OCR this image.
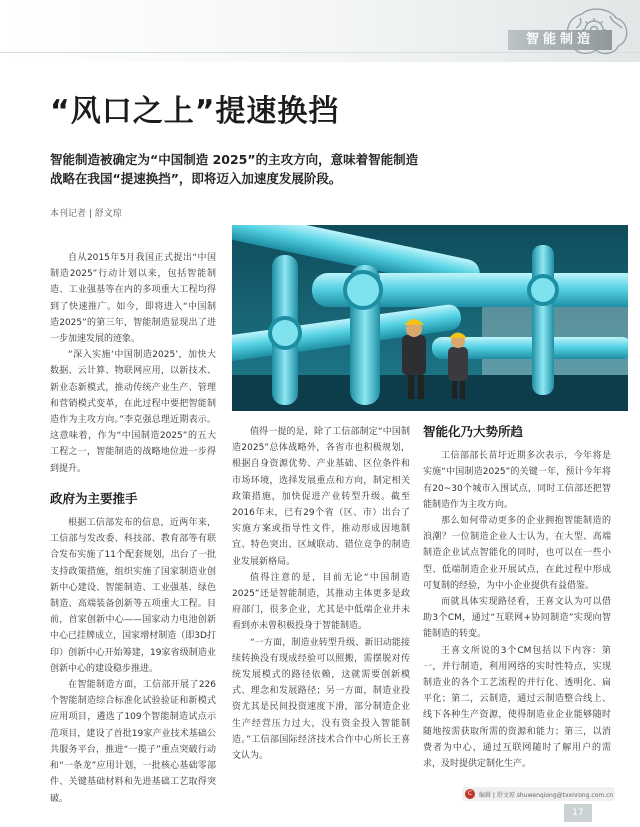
智能制造
“风口之上”提速换挡

智能制造被确定为“中国制造 2025”的主攻方向，意味着智能制造战略在我国“提速换挡”，即将迈入加速度发展阶段。

本刊记者 | 舒文琼

自从2015年5月我国正式提出“中国制造2025”行动计划以来，包括智能制造、工业强基等在内的多项重大工程均得到了快速推广。如今，即将进入“中国制造2025”的第三年，智能制造显现出了进一步加速发展的迹象。

“深入实施‘中国制造2025’，加快大数据、云计算、物联网应用，以新技术、新业态新模式，推动传统产业生产、管理和营销模式变革，在此过程中要把智能制造作为主攻方向。”李克强总理近期表示。这意味着，作为“中国制造2025”的五大工程之一，智能制造的战略地位进一步得到提升。

政府为主要推手

根据工信部发布的信息，近两年来，工信部与发改委、科技部、教育部等有联合发布实施了11个配套规划，出台了一批支持政策措施，组织实施了国家制造业创新中心建设、智能制造、工业强基、绿色制造、高端装备创新等五项重大工程。目前，首家创新中心——国家动力电池创新中心已挂牌成立，国家增材制造（即3D打印）创新中心开始筹建，19家省级制造业创新中心的建设稳步推进。

在智能制造方面，工信部开展了226个智能制造综合标准化试验验证和新模式应用项目，遴选了109个智能制造试点示范项目，建设了首批19家产业技术基础公共服务平台，推进“一揽子”重点突破行动和“一条龙”应用计划，一批核心基础零部件、关键基础材料和先进基础工艺取得突破。

值得一提的是，除了工信部制定“中国制造2025”总体战略外，各省市也积极规划，根据自身资源优势、产业基础、区位条件和市场环境，选择发展重点和方向，制定相关政策措施，加快促进产业转型升级。截至2016年末，已有29个省（区、市）出台了实施方案或指导性文件，推动形成因地制宜、特色突出、区域联动、错位竞争的制造业发展新格局。

值得注意的是，目前无论“中国制造2025”还是智能制造，其推动主体更多是政府部门，很多企业，尤其是中低端企业并未看到亦未曾积极投身于智能制造。

“一方面，制造业转型升级、新旧动能接续转换没有现成经验可以照搬，需摆脱对传统发展模式的路径依赖，这就需要创新模式、理念和发展路径；另一方面，制造业投资尤其是民间投资速度下滑，部分制造企业生产经营压力过大，没有资金投入智能制造。”工信部国际经济技术合作中心所长王喜文认为。

智能化乃大势所趋

工信部部长苗圩近期多次表示，今年将是实施“中国制造2025”的关键一年，预计今年将有20~30个城市入围试点，同时工信部还把智能制造作为主攻方向。

那么如何带动更多的企业拥抱智能制造的浪潮？一位制造企业人士认为，在大型、高端制造企业试点智能化的同时，也可以在一些小型、低端制造企业开展试点，在此过程中形成可复制的经验，为中小企业提供有益借鉴。

而就具体实现路径看，王喜文认为可以借助3个CM，通过“互联网+协同制造”实现向智能制造的转变。

王喜文所说的3个CM包括以下内容：第一，并行制造，利用网络的实时性特点，实现制造业的各个工艺流程的并行化、透明化、扁平化；第二，云制造，通过云制造整合线上、线下各种生产资源，使得制造业企业能够随时随地按需获取所需的资源和能力；第三，以消费者为中心，通过互联网随时了解用户的需求，及时提供定制化生产。

C	编辑 | 舒文琼 shuwenqiong@txxnrong.com.cn
17
